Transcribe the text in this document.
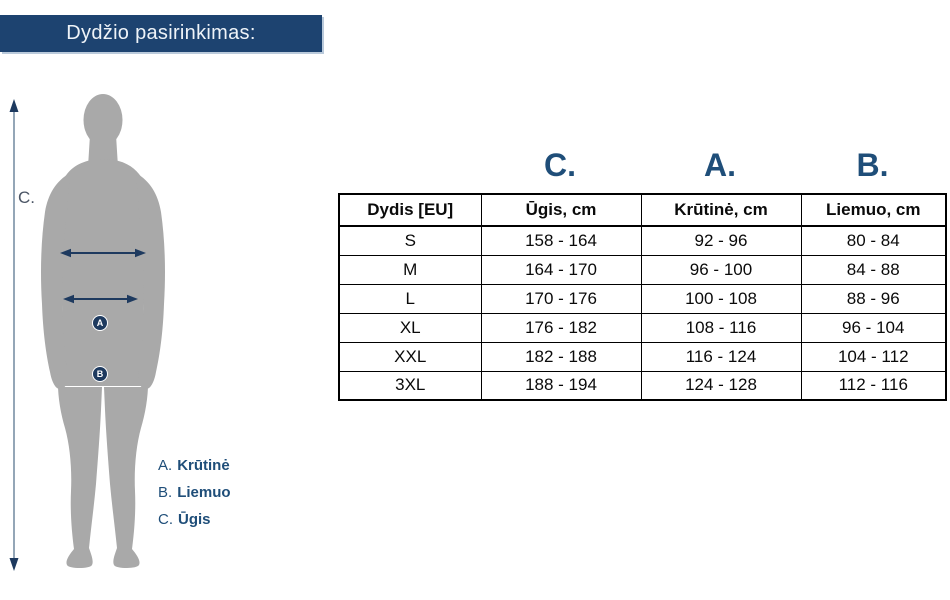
Dydžio pasirinkimas:
C.
A
B
A. Krūtinė
B. Liemuo
C. Ūgis
C.	A.	B.
Dydis [EU]	Ūgis, cm	Krūtinė, cm	Liemuo, cm
S	158 - 164	92 - 96	80 - 84
M	164 - 170	96 - 100	84 - 88
L	170 - 176	100 - 108	88 - 96
XL	176 - 182	108 - 116	96 - 104
XXL	182 - 188	116 - 124	104 - 112
3XL	188 - 194	124 - 128	112 - 116
